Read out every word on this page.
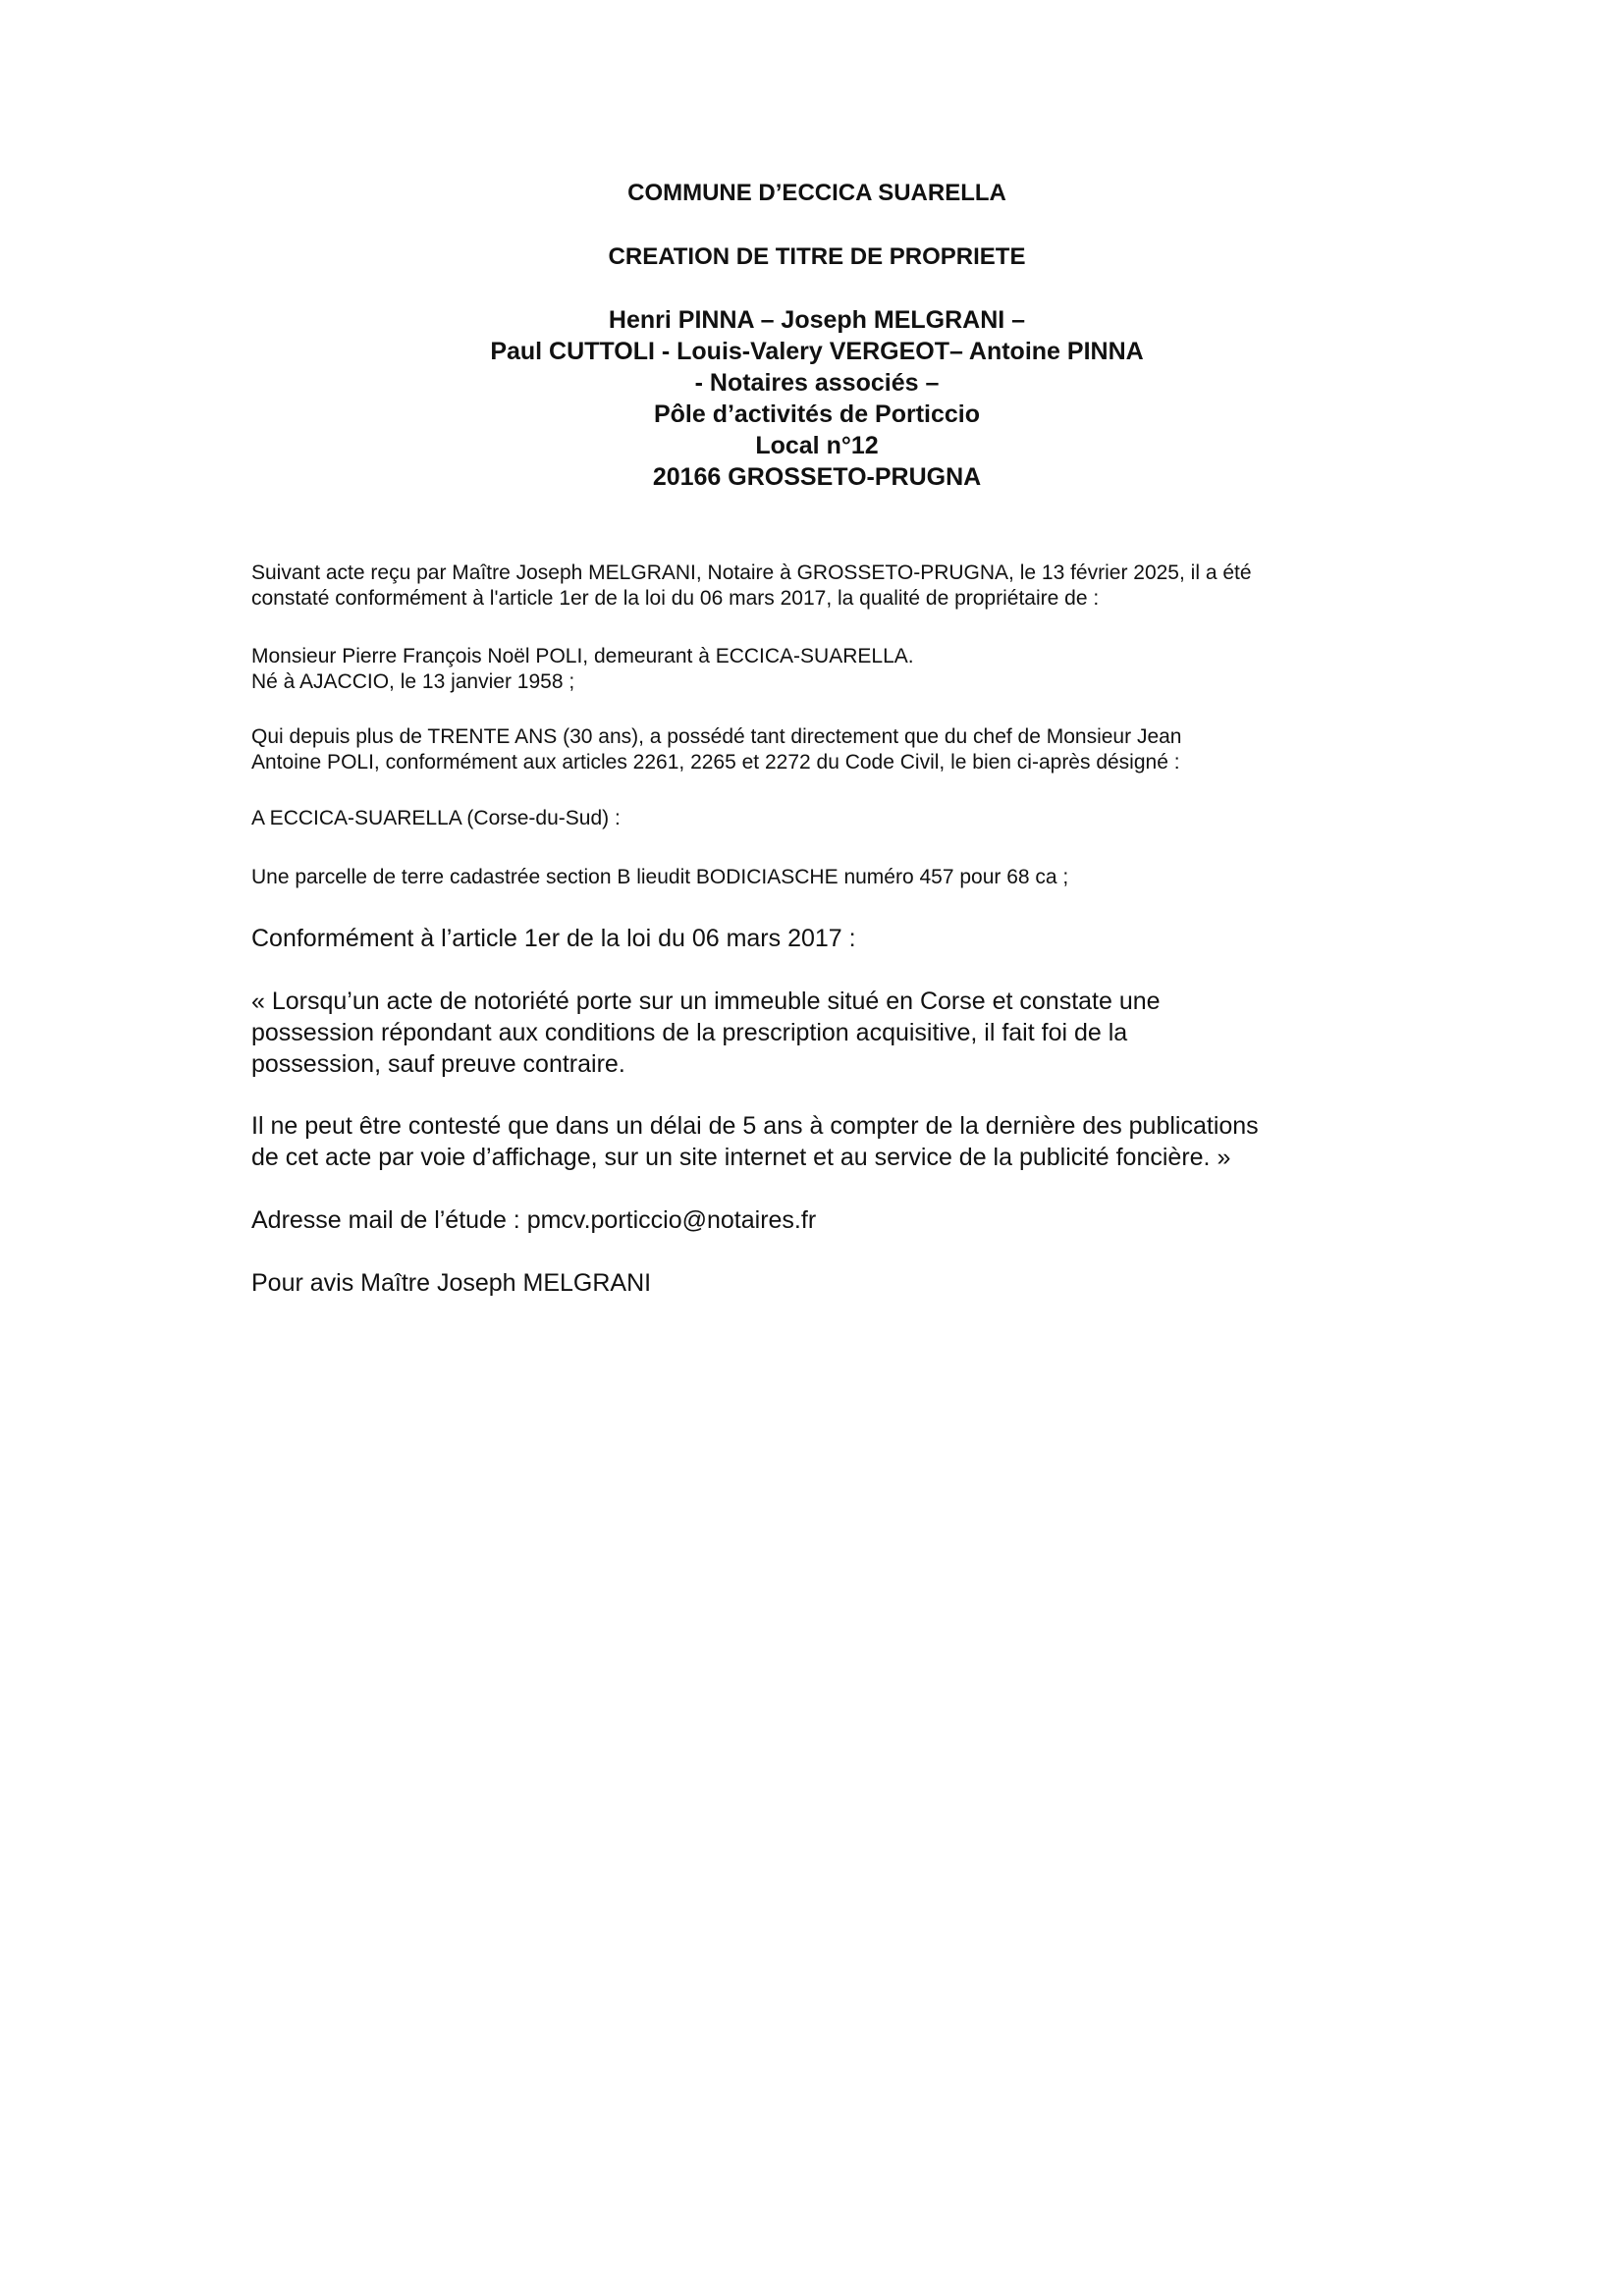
COMMUNE D’ECCICA SUARELLA
CREATION DE TITRE DE PROPRIETE
Henri PINNA – Joseph MELGRANI –
Paul CUTTOLI - Louis-Valery VERGEOT– Antoine PINNA
- Notaires associés –
Pôle d’activités de Porticcio
Local n°12
20166 GROSSETO-PRUGNA
Suivant acte reçu par Maître Joseph MELGRANI, Notaire à GROSSETO-PRUGNA, le 13 février 2025, il a été
constaté conformément à l'article 1er de la loi du 06 mars 2017, la qualité de propriétaire de :
Monsieur Pierre François Noël POLI, demeurant à ECCICA-SUARELLA.
Né à AJACCIO, le 13 janvier 1958 ;
Qui depuis plus de TRENTE ANS (30 ans), a possédé tant directement que du chef de Monsieur Jean
Antoine POLI, conformément aux articles 2261, 2265 et 2272 du Code Civil, le bien ci-après désigné :
A ECCICA-SUARELLA (Corse-du-Sud) :
Une parcelle de terre cadastrée section B lieudit BODICIASCHE numéro 457 pour 68 ca ;
Conformément à l’article 1er de la loi du 06 mars 2017 :
« Lorsqu’un acte de notoriété porte sur un immeuble situé en Corse et constate une
possession répondant aux conditions de la prescription acquisitive, il fait foi de la
possession, sauf preuve contraire.
Il ne peut être contesté que dans un délai de 5 ans à compter de la dernière des publications
de cet acte par voie d’affichage, sur un site internet et au service de la publicité foncière. »
Adresse mail de l’étude : pmcv.porticcio@notaires.fr
Pour avis Maître Joseph MELGRANI
